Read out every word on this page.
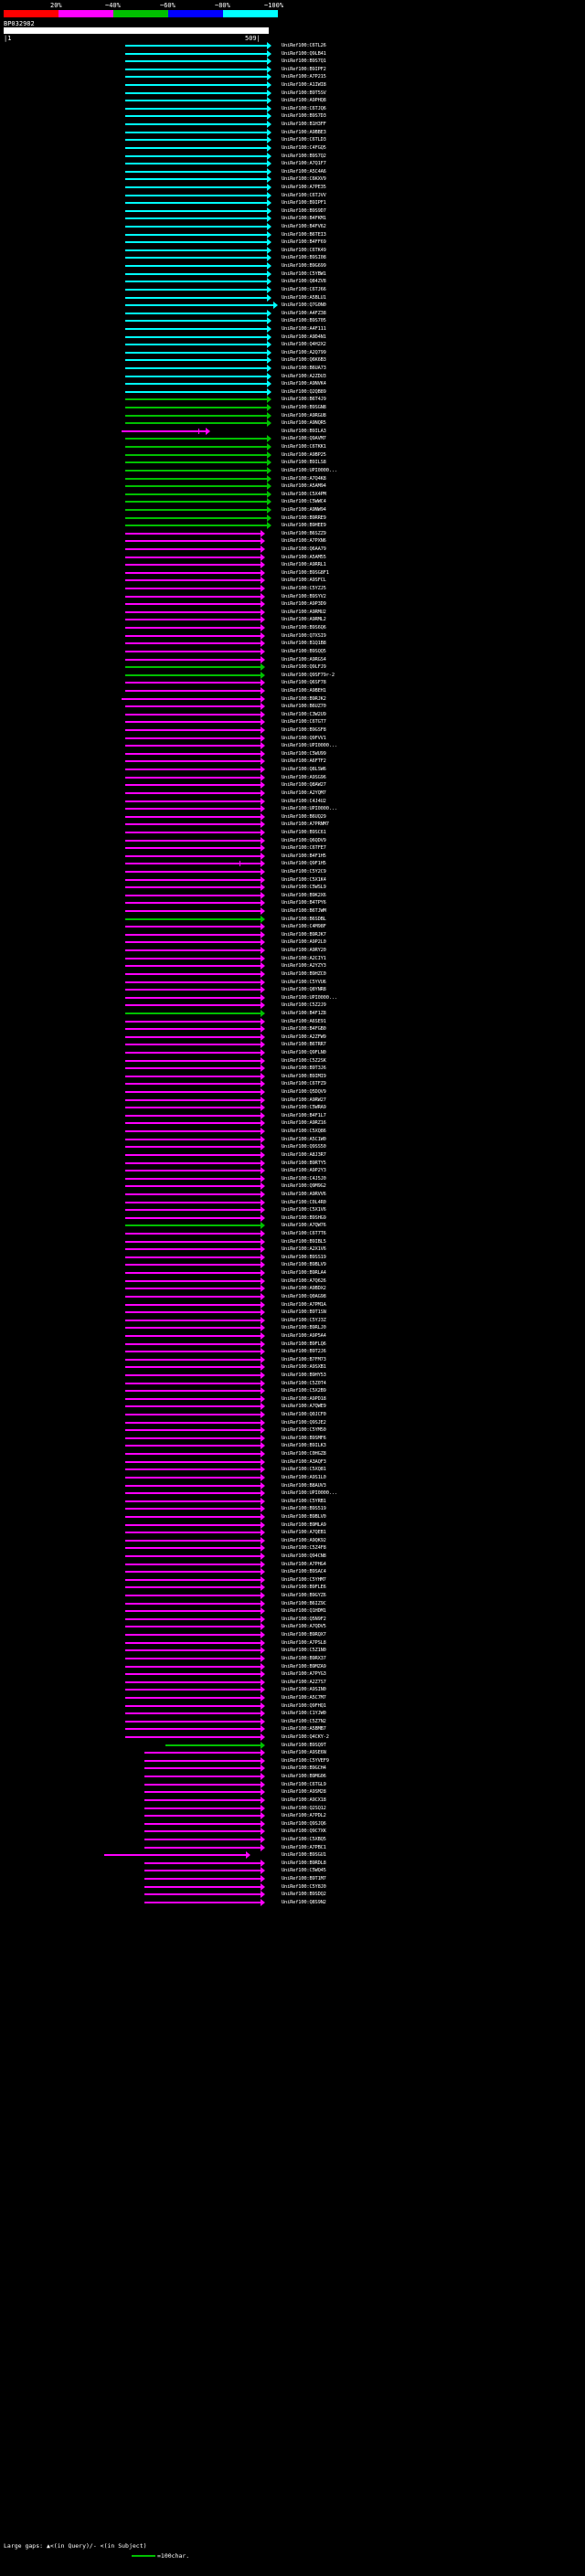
20%	~40%	~60%	~80%	~100%
BP032982
|1	509|
UniRef100:C6TL26
UniRef100:Q9LB41
UniRef100:B9S7Q1
UniRef100:B9IPF2
UniRef100:A7P215
UniRef100:A1IWI8
UniRef100:B9T5SV
UniRef100:A9PHQ8
UniRef100:C6TJQ6
UniRef100:B9S7D3
UniRef100:B1H3FF
UniRef100:A9BBE3
UniRef100:C6TLD3
UniRef100:C4FGQ5
UniRef100:B9S7Q2
UniRef100:A7Q1F7
UniRef100:A5C4A6
UniRef100:C6KXV9
UniRef100:A7PE35
UniRef100:C6TJVV
UniRef100:B9IPF1
UniRef100:B9S9D7
UniRef100:B4FKM1
UniRef100:B4FV62
UniRef100:B6TEI3
UniRef100:B4FF69
UniRef100:C6TK49
UniRef100:B9SI08
UniRef100:B9G699
UniRef100:C5YBW1
UniRef100:Q84ZV8
UniRef100:C6TJ66
UniRef100:A5BLU1
UniRef100:Q7G0N0
UniRef100:A4FZ38
UniRef100:B9S705
UniRef100:A4F111
UniRef100:A9D4N1
UniRef100:Q4H2X2
UniRef100:A2Q799
UniRef100:Q6K6B3
UniRef100:B6UA73
UniRef100:A2ZDU3
UniRef100:A9NVK4
UniRef100:Q2QB89
UniRef100:B6T4J9
UniRef100:B9SGN8
UniRef100:A9RGU8
UniRef100:A9NQR5
UniRef100:B9ILA3
UniRef100:Q9AVM7
UniRef100:C6TKK1
UniRef100:A9BP25
UniRef100:B9ILS8
UniRef100:UPI0000...
UniRef100:A7Q4K8
UniRef100:A5AM94
UniRef100:C5X4PM
UniRef100:C5WWC4
UniRef100:A9NW94
UniRef100:B9RRE9
UniRef100:B9HEE9
UniRef100:B6SZZ9
UniRef100:A7PXN6
UniRef100:Q6AA79
UniRef100:A5AM55
UniRef100:A9RRL1
UniRef100:B9SG8F1
UniRef100:A9SFCL
UniRef100:C5YZJ5
UniRef100:B9SYV2
UniRef100:A9P3D9
UniRef100:A9RMU2
UniRef100:A9RML2
UniRef100:B9S6Q6
UniRef100:Q7XSI9
UniRef100:B1Q1B8
UniRef100:B9SQQ5
UniRef100:A9RGS4
UniRef100:Q9LFJ9
UniRef100:Q9SF79r-2
UniRef100:Q6SF78
UniRef100:A9BEH1
UniRef100:B9RJK2
UniRef100:B6UZ70
UniRef100:C3W2U9
UniRef100:C6TGT7
UniRef100:B9GSF8
UniRef100:Q9FVV1
UniRef100:UPI0000...
UniRef100:C5WU99
UniRef100:A6FTF2
UniRef100:Q8LSW6
UniRef100:A9SG96
UniRef100:Q8AW27
UniRef100:A2YQM7
UniRef100:C4J4U2
UniRef100:UPI0000...
UniRef100:B6UQ29
UniRef100:A7PRNM7
UniRef100:B9SC61
UniRef100:Q6QDV9
UniRef100:C6TFE7
UniRef100:B4F1H5
UniRef100:Q9F1H5
UniRef100:C5Y2C9
UniRef100:C5X1K4
UniRef100:C5WSL9
UniRef100:B9K2X6
UniRef100:B4TPY6
UniRef100:B6TJWM
UniRef100:B6SDBL
UniRef100:C4M98F
UniRef100:B9RJK7
UniRef100:A9P2L0
UniRef100:A9RY20
UniRef100:A2CIY1
UniRef100:A2YZY3
UniRef100:B9HZC0
UniRef100:C5YVU6
UniRef100:Q8YNR8
UniRef100:UPI0000...
UniRef100:C5Z2J9
UniRef100:B4F1Z8
UniRef100:A6SE91
UniRef100:B4FGB0
UniRef100:A2ZFW9
UniRef100:B6TRR7
UniRef100:Q9FLN0
UniRef100:C5Z2SK
UniRef100:B9T3J6
UniRef100:B9IMI9
UniRef100:C6TFZ9
UniRef100:Q5DQV9
UniRef100:A9RW27
UniRef100:C5WRA9
UniRef100:B4F1L7
UniRef100:A9RZ16
UniRef100:C5XQ86
UniRef100:A5C1W0
UniRef100:Q9SS50
UniRef100:A8J3R7
UniRef100:B9RTY5
UniRef100:A9P2Y3
UniRef100:C4J5J0
UniRef100:Q9M9G2
UniRef100:A9RVV6
UniRef100:C0L4R0
UniRef100:C5X1V6
UniRef100:B9SHG9
UniRef100:A7QW76
UniRef100:C6T7T6
UniRef100:B9IBL5
UniRef100:A2X1V6
UniRef100:B9SS19
UniRef100:B9BLV9
UniRef100:B9RLA4
UniRef100:A7Q626
UniRef100:A9BDX2
UniRef100:Q0AG98
UniRef100:A7PM1A
UniRef100:B9T1SN
UniRef100:C5YJ3Z
UniRef100:B9RLJ0
UniRef100:A9P5A4
UniRef100:B9FLQ6
UniRef100:B9T2J6
UniRef100:B7FM73
UniRef100:A9SXB1
UniRef100:B9HY53
UniRef100:C5Z0T4
UniRef100:C5X2B9
UniRef100:A9PD18
UniRef100:A7QWE9
UniRef100:Q0JCF0
UniRef100:Q9SJE2
UniRef100:C5YM50
UniRef100:B9SMF6
UniRef100:B9ILK3
UniRef100:C0HGZ8
UniRef100:A3AQF3
UniRef100:C5XQ81
UniRef100:A9S1L0
UniRef100:B8AUV3
UniRef100:UPI0000...
UniRef100:C5YRB1
UniRef100:B9S519
UniRef100:B9BLV0
UniRef100:B9MLA9
UniRef100:A7QEB1
UniRef100:A9QK92
UniRef100:C5Z4F8
UniRef100:Q94CN8
UniRef100:A7PHG4
UniRef100:B9SAC4
UniRef100:C5YHM7
UniRef100:B9FLE6
UniRef100:B9GYZ6
UniRef100:B6IZ9C
UniRef100:Q1HDM1
UniRef100:Q5N9F2
UniRef100:A7QDV5
UniRef100:B9RQX7
UniRef100:A7PSL8
UniRef100:C5Z1N0
UniRef100:B9RX37
UniRef100:B9MZA9
UniRef100:A7PYG3
UniRef100:A2Z7S7
UniRef100:A9SIN0
UniRef100:A5C7M7
UniRef100:Q9FHQ1
UniRef100:C1YJW0
UniRef100:C5Z7N2
UniRef100:A5BMB7
UniRef100:Q4CKY-2
UniRef100:B9SQ9T
UniRef100:A9SE6N
UniRef100:C5YVEF9
UniRef100:B9GCH4
UniRef100:B9MG06
UniRef100:C6TGL9
UniRef100:A9SM28
UniRef100:A9CX18
UniRef100:Q2SQ12
UniRef100:A7PDL2
UniRef100:Q9SJQ6
UniRef100:Q9C7XK
UniRef100:C5XBQ5
UniRef100:A7PBC1
UniRef100:B9SGU1
UniRef100:B9RDL8
UniRef100:C5WQ45
UniRef100:B9T1M7
UniRef100:C5Y8J0
UniRef100:B9SDQ2
UniRef100:Q8S9N2
Large gaps: ▲<(in Query)/- <(in Subject)
=100char.
